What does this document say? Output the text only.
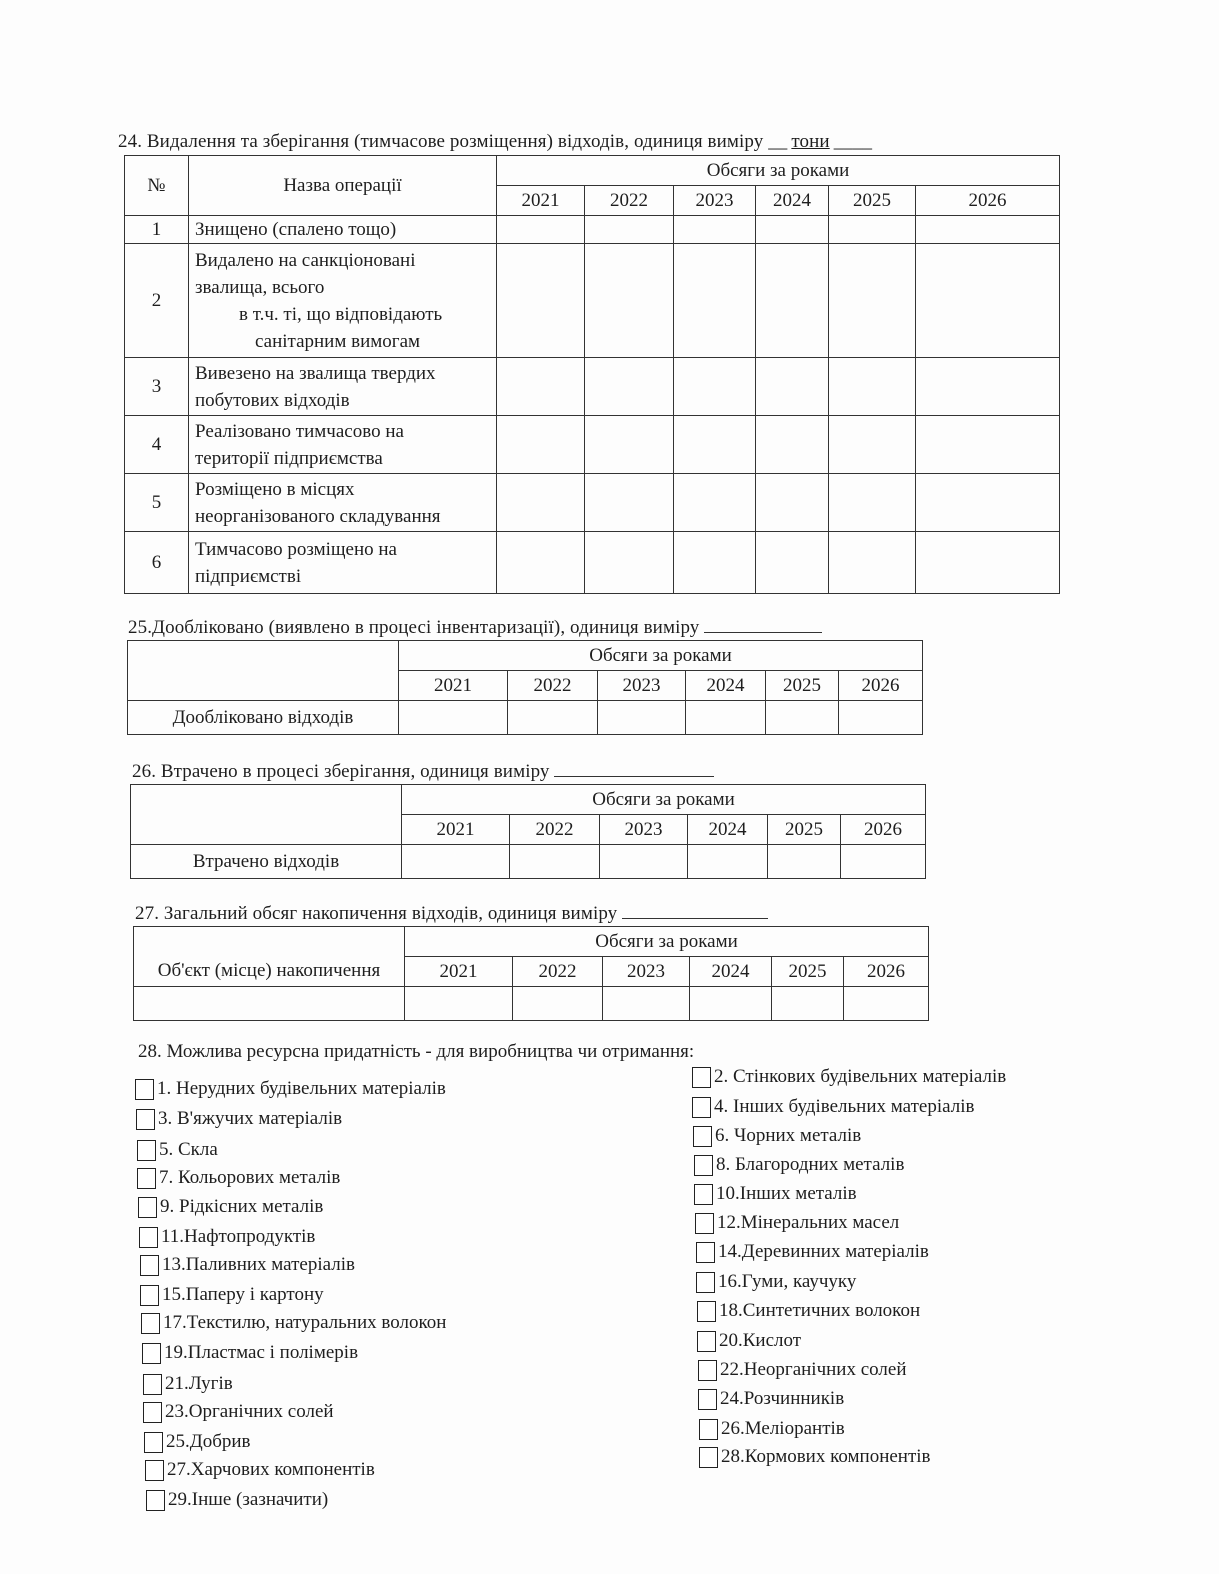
24. Видалення та зберігання (тимчасове розміщення) відходів, одиниця виміру __ тони ____
№	Назва операції	Обсяги за роками					
		2021	2022	2023	2024	2025	2026
1	Знищено (спалено тощо)						
2	Видалено на санкціоновані
звалища, всього
в т.ч. ті, що відповідають
санітарним вимогам						

3	Вивезено на звалища твердих
побутових відходів						

4	Реалізовано тимчасово на
території підприємства						

5	Розміщено в місцях
неорганізованого складування						

6	Тимчасово розміщено на
підприємстві						

25.Дообліковано (виявлено в процесі інвентаризації), одиниця виміру
	Обсяги за роками					
	2021	2022	2023	2024	2025	2026
Дообліковано відходів						
26. Втрачено в процесі зберігання, одиниця виміру
	Обсяги за роками					
	2021	2022	2023	2024	2025	2026
Втрачено відходів						
27. Загальний обсяг накопичення відходів, одиниця виміру
Об'єкт (місце) накопичення	Обсяги за роками					
	2021	2022	2023	2024	2025	2026

28. Можлива ресурсна придатність - для виробництва чи отримання:
1. Нерудних будівельних матеріалів
3. В'яжучих матеріалів
5. Скла
7. Кольорових металів
9. Рідкісних металів
11.Нафтопродуктів
13.Паливних матеріалів
15.Паперу і картону
17.Текстилю, натуральних волокон
19.Пластмас і полімерів
21.Лугів
23.Органічних солей
25.Добрив
27.Харчових компонентів
29.Інше (зазначити)
2. Стінкових будівельних матеріалів
4. Інших будівельних матеріалів
6. Чорних металів
8. Благородних металів
10.Інших металів
12.Мінеральних масел
14.Деревинних матеріалів
16.Гуми, каучуку
18.Синтетичних волокон
20.Кислот
22.Неорганічних солей
24.Розчинників
26.Меліорантів
28.Кормових компонентів
